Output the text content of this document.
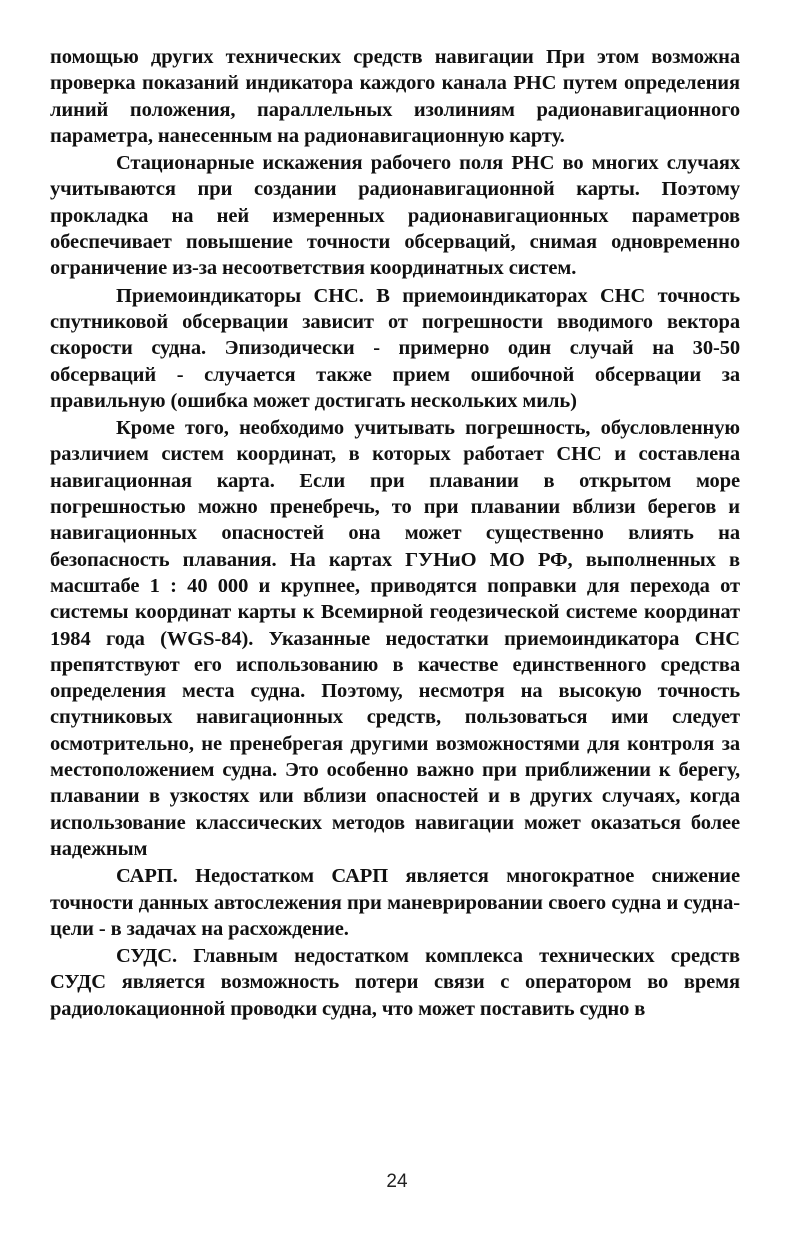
помощью других технических средств навигации При этом возможна проверка показаний индикатора каждого канала РНС путем определения линий положения, параллельных изолиниям радионавигационного параметра, нанесенным на радионавигационную карту.

Стационарные искажения рабочего поля РНС во многих случаях учитываются при создании радионавигационной карты. Поэтому прокладка на ней измеренных радионавигационных параметров обеспечивает повышение точности обсерваций, снимая одновременно ограничение из-за несоответствия координатных систем.

Приемоиндикаторы СНС. В приемоиндикаторах СНС точность спутниковой обсервации зависит от погрешности вводимого вектора скорости судна. Эпизодически - примерно один случай на 30-50 обсерваций - случается также прием ошибочной обсервации за правильную (ошибка может достигать нескольких миль)

Кроме того, необходимо учитывать погрешность, обусловленную различием систем координат, в которых работает СНС и составлена навигационная карта. Если при плавании в открытом море погрешностью можно пренебречь, то при плавании вблизи берегов и навигационных опасностей она может существенно влиять на безопасность плавания. На картах ГУНиО МО РФ, выполненных в масштабе 1 : 40 000 и крупнее, приводятся поправки для перехода от системы координат карты к Всемирной геодезической системе координат 1984 года (WGS-84). Указанные недостатки приемоиндикатора СНС препятствуют его использованию в качестве единственного средства определения места судна. Поэтому, несмотря на высокую точность спутниковых навигационных средств, пользоваться ими следует осмотрительно, не пренебрегая другими возможностями для контроля за местоположением судна. Это особенно важно при приближении к берегу, плавании в узкостях или вблизи опасностей и в других случаях, когда использование классических методов навигации может оказаться более надежным

САРП. Недостатком САРП является многократное снижение точности данных автослежения при маневрировании своего судна и судна-цели - в задачах на расхождение.

СУДС. Главным недостатком комплекса технических средств СУДС является возможность потери связи с оператором во время радиолокационной проводки судна, что может поставить судно в

24
